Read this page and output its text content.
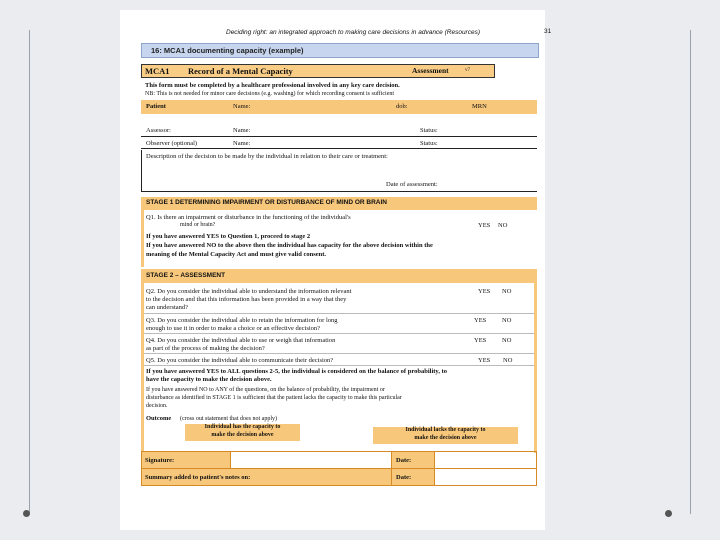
Deciding right: an integrated approach to making care decisions in advance (Resources)	31
16: MCA1 documenting capacity (example)
MCA1 Record of a Mental Capacity	Assessment	v7
This form must be completed by a healthcare professional involved in any key care decision.
NB: This is not needed for minor care decisions (e.g. washing) for which recording consent is sufficient
Patient	Name:	dob:	MRN
Assessor:	Name:	Status:
Observer (optional)	Name:	Status:
Description of the decision to be made by the individual in relation to their care or treatment:
Date of assessment:
STAGE 1 DETERMINING IMPAIRMENT OR DISTURBANCE OF MIND OR BRAIN
Q1. Is there an impairment or disturbance in the functioning of the individual's
mind or brain?	YES NO
If you have answered YES to Question 1, proceed to stage 2
If you have answered NO to the above then the individual has capacity for the above decision within the
meaning of the Mental Capacity Act and must give valid consent.
STAGE 2 – ASSESSMENT
Q2. Do you consider the individual able to understand the information relevant
to the decision and that this information has been provided in a way that they
can understand?
YES NO
Q3. Do you consider the individual able to retain the information for long
enough to use it in order to make a choice or an effective decision?
YES NO
Q4. Do you consider the individual able to use or weigh that information
as part of the process of making the decision?
YES NO
Q5. Do you consider the individual able to communicate their decision?	YES NO
If you have answered YES to ALL questions 2-5, the individual is considered on the balance of probability, to
have the capacity to make the decision above.
If you have answered NO to ANY of the questions, on the balance of probability, the impairment or
disturbance as identified in STAGE 1 is sufficient that the patient lacks the capacity to make this particular
decision.
Outcome (cross out statement that does not apply)
Individual has the capacity to
make the decision above
Individual lacks the capacity to
make the decision above
Signature:	Date:
Summary added to patient's notes on:	Date:
